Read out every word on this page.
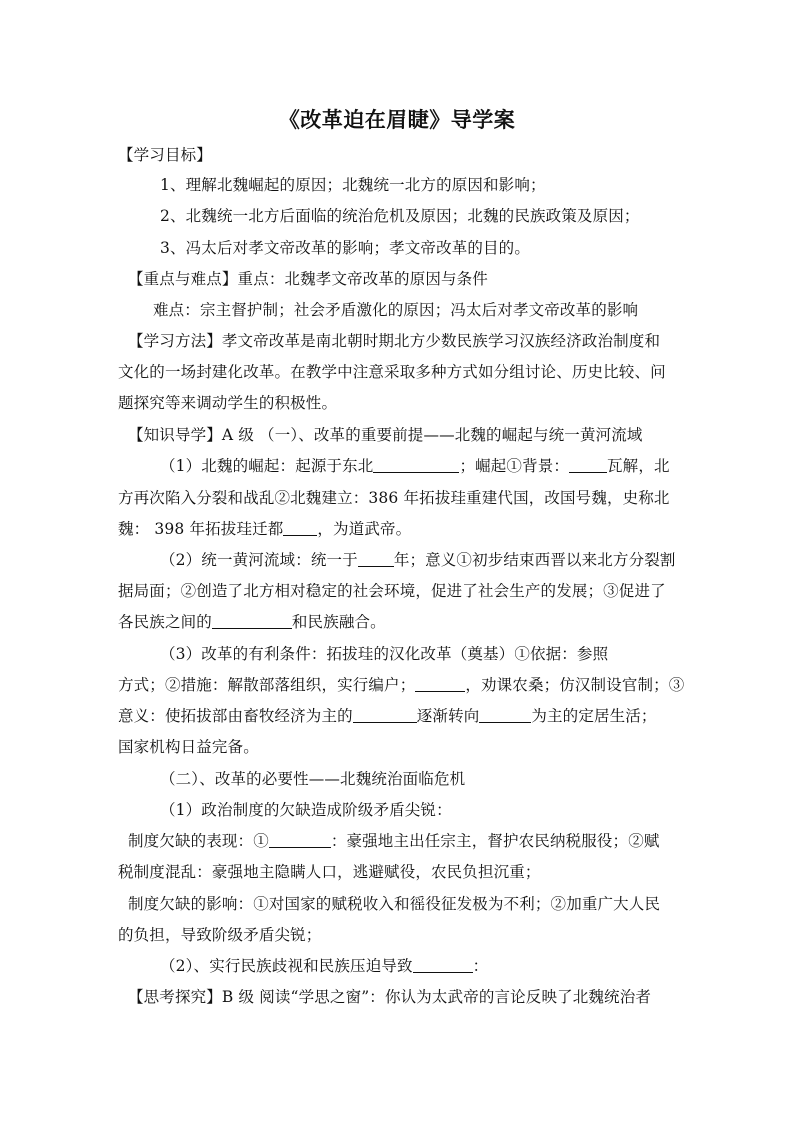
《改革迫在眉睫》导学案
【学习目标】
1、理解北魏崛起的原因；北魏统一北方的原因和影响；
2、北魏统一北方后面临的统治危机及原因；北魏的民族政策及原因；
3、冯太后对孝文帝改革的影响；孝文帝改革的目的。
【重点与难点】重点：北魏孝文帝改革的原因与条件
难点：宗主督护制；社会矛盾激化的原因；冯太后对孝文帝改革的影响
【学习方法】孝文帝改革是南北朝时期北方少数民族学习汉族经济政治制度和
文化的一场封建化改革。在教学中注意采取多种方式如分组讨论、历史比较、问
题探究等来调动学生的积极性。
【知识导学】A 级 （一）、改革的重要前提——北魏的崛起与统一黄河流域
（1）北魏的崛起：起源于东北	；崛起①背景： 瓦解，北
方再次陷入分裂和战乱②北魏建立：386 年拓拔珪重建代国，改国号魏，史称北
魏： 398 年拓拔珪迁都 ，为道武帝。
（2）统一黄河流域：统一于 年；意义①初步结束西晋以来北方分裂割
据局面；②创造了北方相对稳定的社会环境，促进了社会生产的发展；③促进了
各民族之间的	和民族融合。
（3）改革的有利条件：拓拔珪的汉化改革（奠基）①依据：参照
方式；②措施：解散部落组织，实行编户；	，劝课农桑；仿汉制设官制；③
意义：使拓拔部由畜牧经济为主的	逐渐转向	为主的定居生活；
国家机构日益完备。
（二）、改革的必要性——北魏统治面临危机
（1）政治制度的欠缺造成阶级矛盾尖锐：
制度欠缺的表现：①	：豪强地主出任宗主，督护农民纳税服役；②赋
税制度混乱：豪强地主隐瞒人口，逃避赋役，农民负担沉重；
制度欠缺的影响：①对国家的赋税收入和徭役征发极为不利；②加重广大人民
的负担，导致阶级矛盾尖锐；
（2）、实行民族歧视和民族压迫导致	：
【思考探究】B 级 阅读“学思之窗”：你认为太武帝的言论反映了北魏统治者
